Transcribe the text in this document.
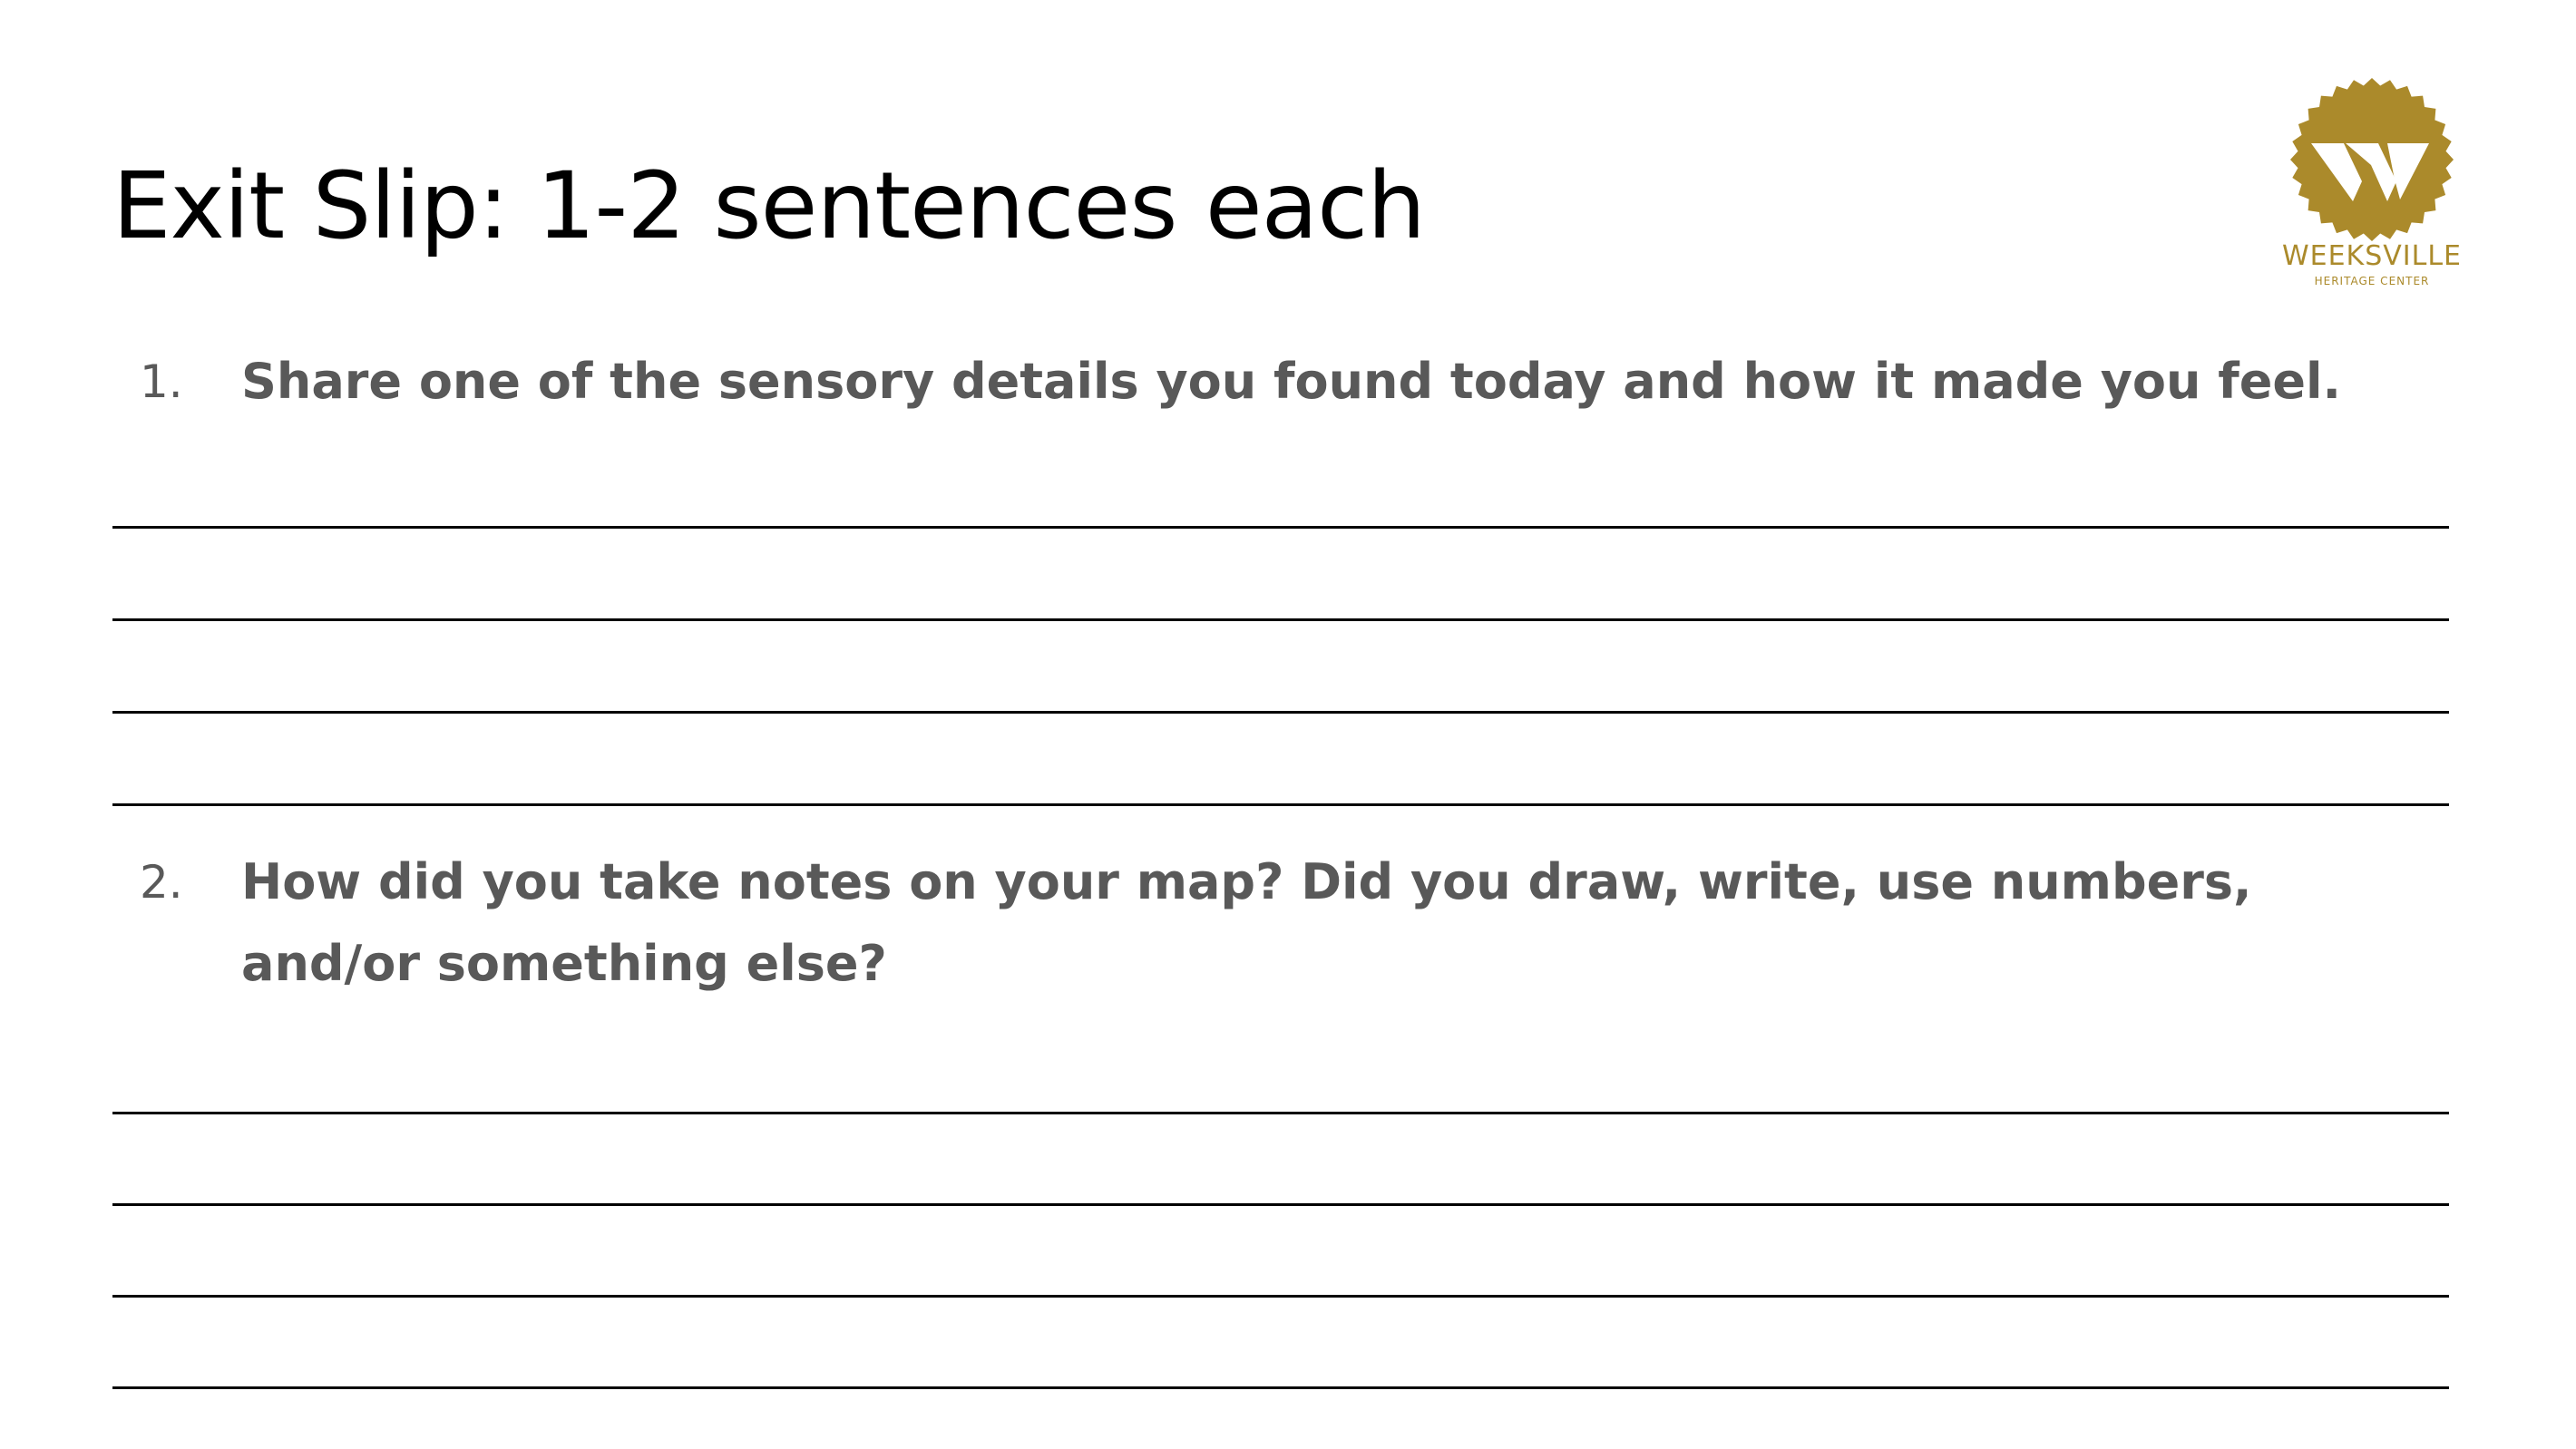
Exit Slip: 1-2 sentences each	WEEKSVILLE
HERITAGE CENTER
1. Share one of the sensory details you found today and how it made you feel.
2. How did you take notes on your map? Did you draw, write, use numbers, and/or something else?
